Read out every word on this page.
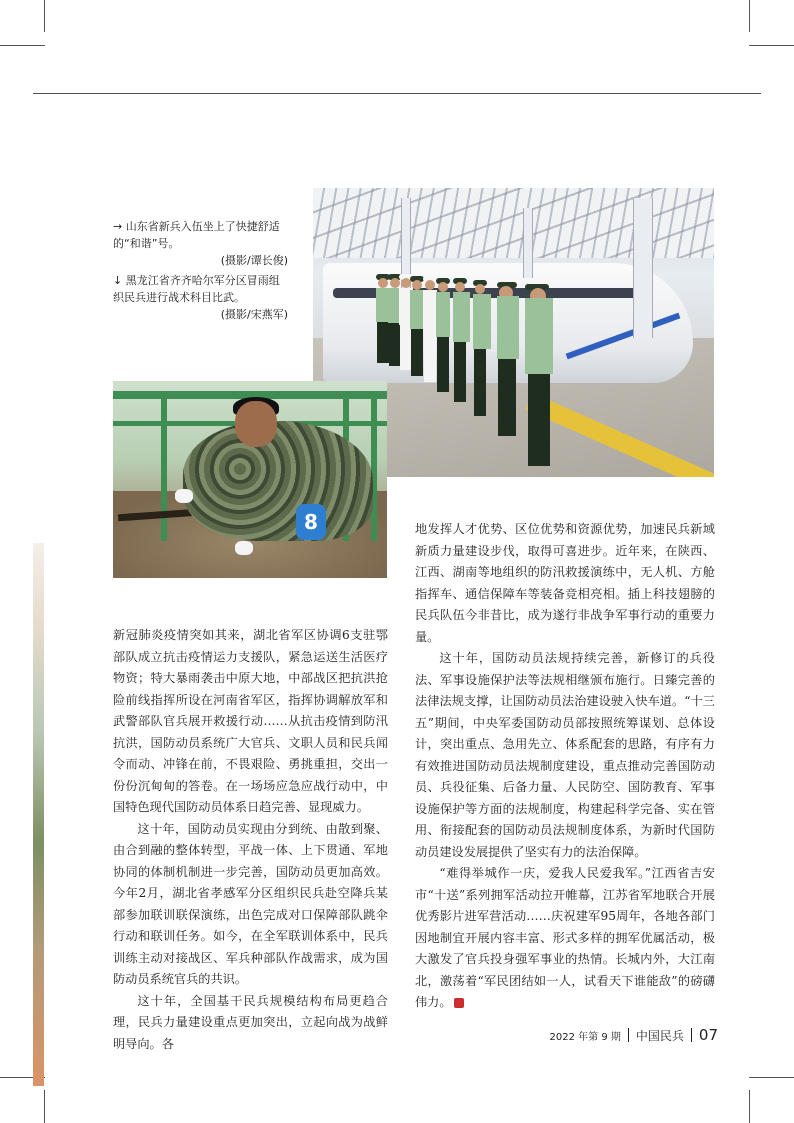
→ 山东省新兵入伍坐上了快捷舒适的“和谐”号。
(摄影/谭长俊)
↓ 黑龙江省齐齐哈尔军分区冒雨组织民兵进行战术科目比武。
(摄影/宋燕军)
8

新冠肺炎疫情突如其来，湖北省军区协调6支驻鄂部队成立抗击疫情运力支援队，紧急运送生活医疗物资；特大暴雨袭击中原大地，中部战区把抗洪抢险前线指挥所设在河南省军区，指挥协调解放军和武警部队官兵展开救援行动……从抗击疫情到防汛抗洪，国防动员系统广大官兵、文职人员和民兵闻令而动、冲锋在前，不畏艰险、勇挑重担，交出一份份沉甸甸的答卷。在一场场应急应战行动中，中国特色现代国防动员体系日趋完善、显现威力。

这十年，国防动员实现由分到统、由散到聚、由合到融的整体转型，平战一体、上下贯通、军地协同的体制机制进一步完善，国防动员更加高效。今年2月，湖北省孝感军分区组织民兵赴空降兵某部参加联训联保演练，出色完成对口保障部队跳伞行动和联训任务。如今，在全军联训体系中，民兵训练主动对接战区、军兵种部队作战需求，成为国防动员系统官兵的共识。

这十年，全国基干民兵规模结构布局更趋合理，民兵力量建设重点更加突出，立起向战为战鲜明导向。各

地发挥人才优势、区位优势和资源优势，加速民兵新域新质力量建设步伐，取得可喜进步。近年来，在陕西、江西、湖南等地组织的防汛救援演练中，无人机、方舱指挥车、通信保障车等装备竞相亮相。插上科技翅膀的民兵队伍今非昔比，成为遂行非战争军事行动的重要力量。

这十年，国防动员法规持续完善，新修订的兵役法、军事设施保护法等法规相继颁布施行。日臻完善的法律法规支撑，让国防动员法治建设驶入快车道。“十三五”期间，中央军委国防动员部按照统筹谋划、总体设计，突出重点、急用先立、体系配套的思路，有序有力有效推进国防动员法规制度建设，重点推动完善国防动员、兵役征集、后备力量、人民防空、国防教育、军事设施保护等方面的法规制度，构建起科学完备、实在管用、衔接配套的国防动员法规制度体系，为新时代国防动员建设发展提供了坚实有力的法治保障。

“难得举城作一庆，爱我人民爱我军。”江西省吉安市“十送”系列拥军活动拉开帷幕，江苏省军地联合开展优秀影片进军营活动……庆祝建军95周年，各地各部门因地制宜开展内容丰富、形式多样的拥军优属活动，极大激发了官兵投身强军事业的热情。长城内外，大江南北，激荡着“军民团结如一人，试看天下谁能敌”的磅礴伟力。	Z

2022 年第 9 期 中国民兵 07
